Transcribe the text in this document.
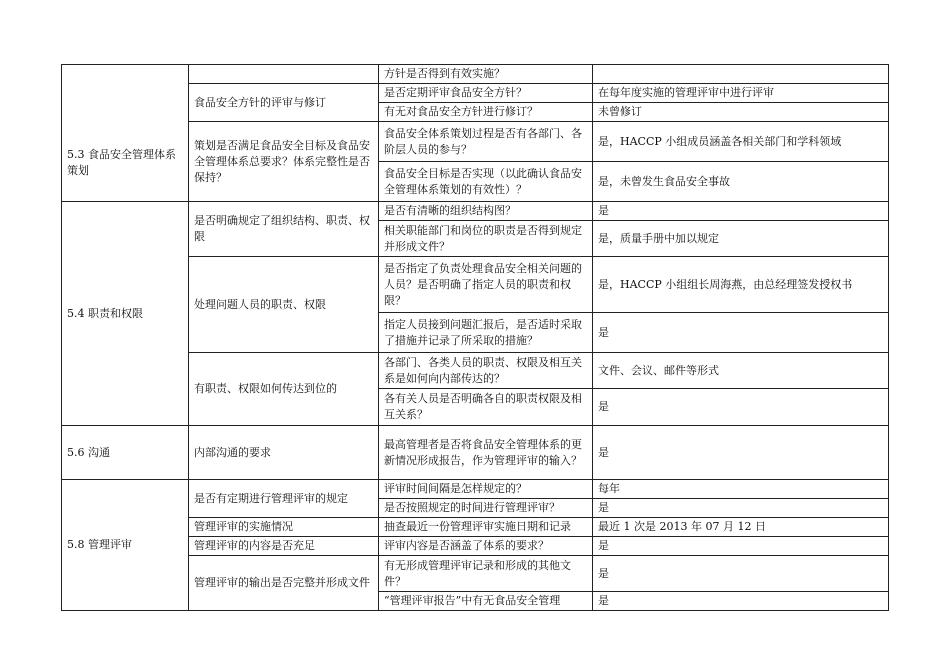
5.3 食品安全管理体系策划		方针是否得到有效实施？	
	食品安全方针的评审与修订	是否定期评审食品安全方针？	在每年度实施的管理评审中进行评审
		有无对食品安全方针进行修订？	未曾修订
	策划是否满足食品安全目标及食品安全管理体系总要求？体系完整性是否保持？	食品安全体系策划过程是否有各部门、各阶层人员的参与？	是，HACCP 小组成员涵盖各相关部门和学科领域
		食品安全目标是否实现（以此确认食品安全管理体系策划的有效性）？	是，未曾发生食品安全事故
5.4 职责和权限	是否明确规定了组织结构、职责、权限	是否有清晰的组织结构图？	是
		相关职能部门和岗位的职责是否得到规定并形成文件？	是，质量手册中加以规定
	处理问题人员的职责、权限	是否指定了负责处理食品安全相关问题的人员？是否明确了指定人员的职责和权限？	是，HACCP 小组组长周海燕，由总经理签发授权书
		指定人员接到问题汇报后，是否适时采取了措施并记录了所采取的措施？	是
	有职责、权限如何传达到位的	各部门、各类人员的职责、权限及相互关系是如何向内部传达的？	文件、会议、邮件等形式
		各有关人员是否明确各自的职责权限及相互关系？	是
5.6 沟通	内部沟通的要求	最高管理者是否将食品安全管理体系的更新情况形成报告，作为管理评审的输入？	是
5.8 管理评审	是否有定期进行管理评审的规定	评审时间间隔是怎样规定的？	每年
		是否按照规定的时间进行管理评审？	是
	管理评审的实施情况	抽查最近一份管理评审实施日期和记录	最近 1 次是 2013 年 07 月 12 日
	管理评审的内容是否充足	评审内容是否涵盖了体系的要求？	是
	管理评审的输出是否完整并形成文件	有无形成管理评审记录和形成的其他文件？	是
		“管理评审报告”中有无食品安全管理	是
